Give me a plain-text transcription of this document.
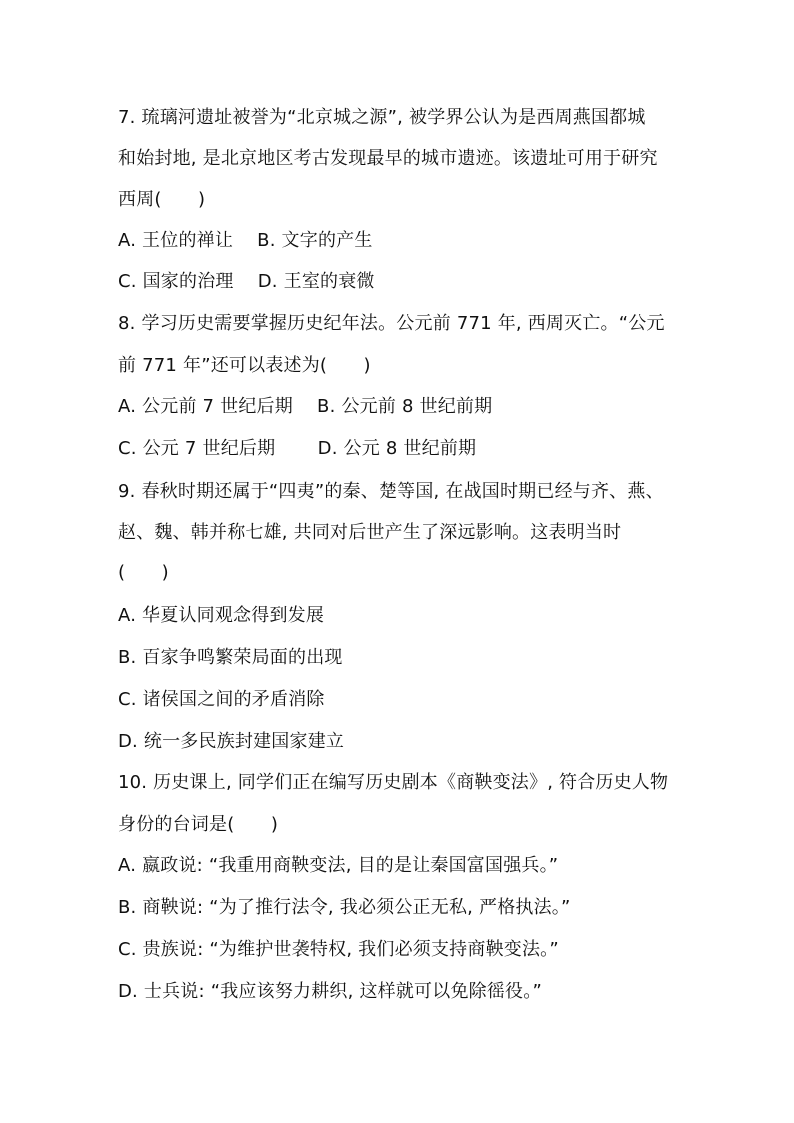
7. 琉璃河遗址被誉为“北京城之源”, 被学界公认为是西周燕国都城
和始封地, 是北京地区考古发现最早的城市遗迹。该遗址可用于研究
西周(　　)
A. 王位的禅让　 B. 文字的产生
C. 国家的治理　 D. 王室的衰微
8. 学习历史需要掌握历史纪年法。公元前 771 年, 西周灭亡。“公元
前 771 年”还可以表述为(　　)
A. 公元前 7 世纪后期　 B. 公元前 8 世纪前期
C. 公元 7 世纪后期　　 D. 公元 8 世纪前期
9. 春秋时期还属于“四夷”的秦、楚等国, 在战国时期已经与齐、燕、
赵、魏、韩并称七雄, 共同对后世产生了深远影响。这表明当时
(　　)
A. 华夏认同观念得到发展
B. 百家争鸣繁荣局面的出现
C. 诸侯国之间的矛盾消除
D. 统一多民族封建国家建立
10. 历史课上, 同学们正在编写历史剧本《商鞅变法》, 符合历史人物
身份的台词是(　　)
A. 嬴政说: “我重用商鞅变法, 目的是让秦国富国强兵。”
B. 商鞅说: “为了推行法令, 我必须公正无私, 严格执法。”
C. 贵族说: “为维护世袭特权, 我们必须支持商鞅变法。”
D. 士兵说: “我应该努力耕织, 这样就可以免除徭役。”
